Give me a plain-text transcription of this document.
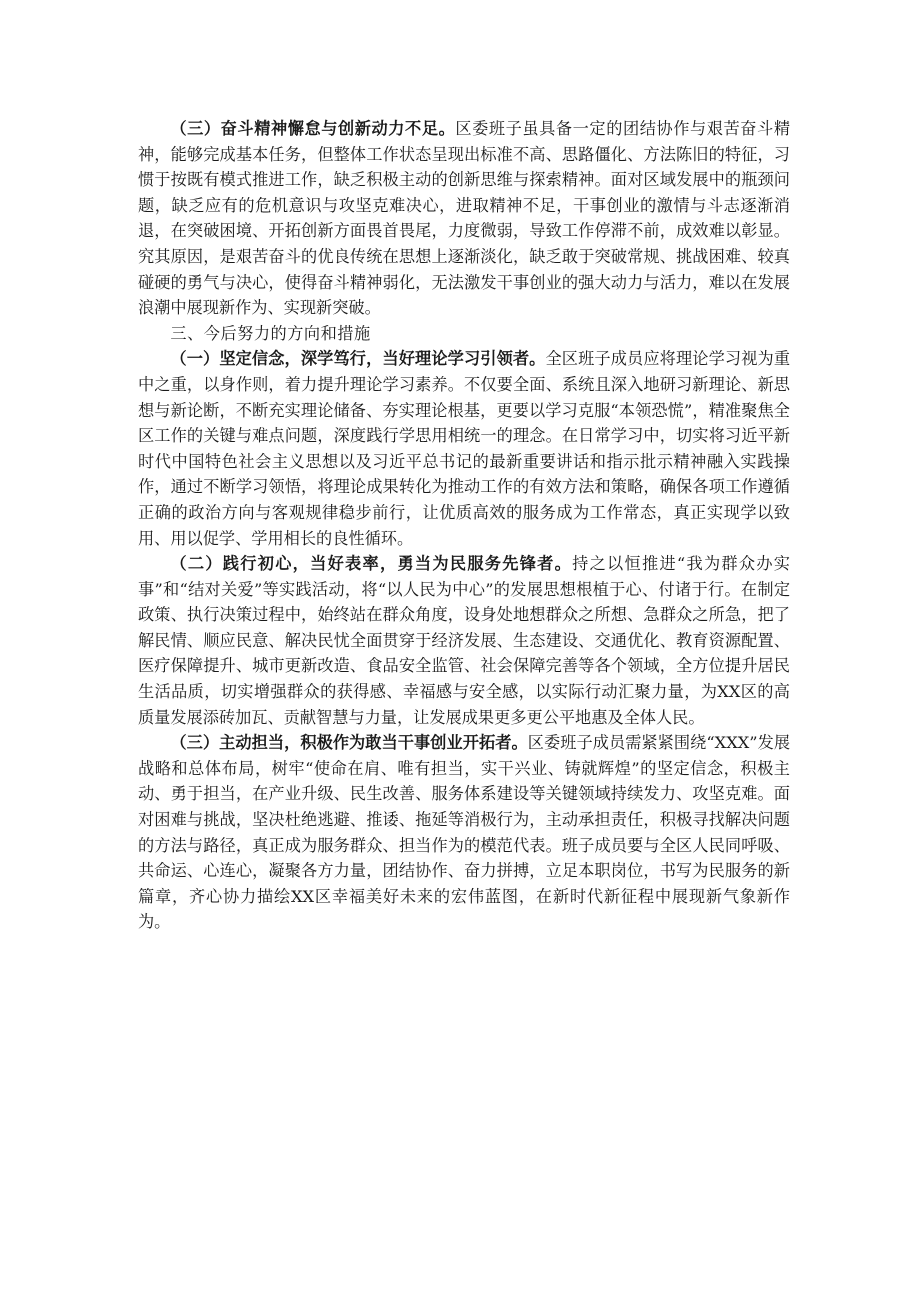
（三）奋斗精神懈怠与创新动力不足。区委班子虽具备一定的团结协作与艰苦奋斗精神，能够完成基本任务，但整体工作状态呈现出标准不高、思路僵化、方法陈旧的特征，习惯于按既有模式推进工作，缺乏积极主动的创新思维与探索精神。面对区域发展中的瓶颈问题，缺乏应有的危机意识与攻坚克难决心，进取精神不足，干事创业的激情与斗志逐渐消退，在突破困境、开拓创新方面畏首畏尾，力度微弱，导致工作停滞不前，成效难以彰显。究其原因，是艰苦奋斗的优良传统在思想上逐渐淡化，缺乏敢于突破常规、挑战困难、较真碰硬的勇气与决心，使得奋斗精神弱化，无法激发干事创业的强大动力与活力，难以在发展浪潮中展现新作为、实现新突破。

三、今后努力的方向和措施

（一）坚定信念，深学笃行，当好理论学习引领者。全区班子成员应将理论学习视为重中之重，以身作则，着力提升理论学习素养。不仅要全面、系统且深入地研习新理论、新思想与新论断，不断充实理论储备、夯实理论根基，更要以学习克服“本领恐慌”，精准聚焦全区工作的关键与难点问题，深度践行学思用相统一的理念。在日常学习中，切实将习近平新时代中国特色社会主义思想以及习近平总书记的最新重要讲话和指示批示精神融入实践操作，通过不断学习领悟，将理论成果转化为推动工作的有效方法和策略，确保各项工作遵循正确的政治方向与客观规律稳步前行，让优质高效的服务成为工作常态，真正实现学以致用、用以促学、学用相长的良性循环。

（二）践行初心，当好表率，勇当为民服务先锋者。持之以恒推进“我为群众办实事”和“结对关爱”等实践活动，将“以人民为中心”的发展思想根植于心、付诸于行。在制定政策、执行决策过程中，始终站在群众角度，设身处地想群众之所想、急群众之所急，把了解民情、顺应民意、解决民忧全面贯穿于经济发展、生态建设、交通优化、教育资源配置、医疗保障提升、城市更新改造、食品安全监管、社会保障完善等各个领域，全方位提升居民生活品质，切实增强群众的获得感、幸福感与安全感，以实际行动汇聚力量，为XX区的高质量发展添砖加瓦、贡献智慧与力量，让发展成果更多更公平地惠及全体人民。

（三）主动担当，积极作为敢当干事创业开拓者。区委班子成员需紧紧围绕“XXX”发展战略和总体布局，树牢“使命在肩、唯有担当，实干兴业、铸就辉煌”的坚定信念，积极主动、勇于担当，在产业升级、民生改善、服务体系建设等关键领域持续发力、攻坚克难。面对困难与挑战，坚决杜绝逃避、推诿、拖延等消极行为，主动承担责任，积极寻找解决问题的方法与路径，真正成为服务群众、担当作为的模范代表。班子成员要与全区人民同呼吸、共命运、心连心，凝聚各方力量，团结协作、奋力拼搏，立足本职岗位，书写为民服务的新篇章，齐心协力描绘XX区幸福美好未来的宏伟蓝图，在新时代新征程中展现新气象新作为。
